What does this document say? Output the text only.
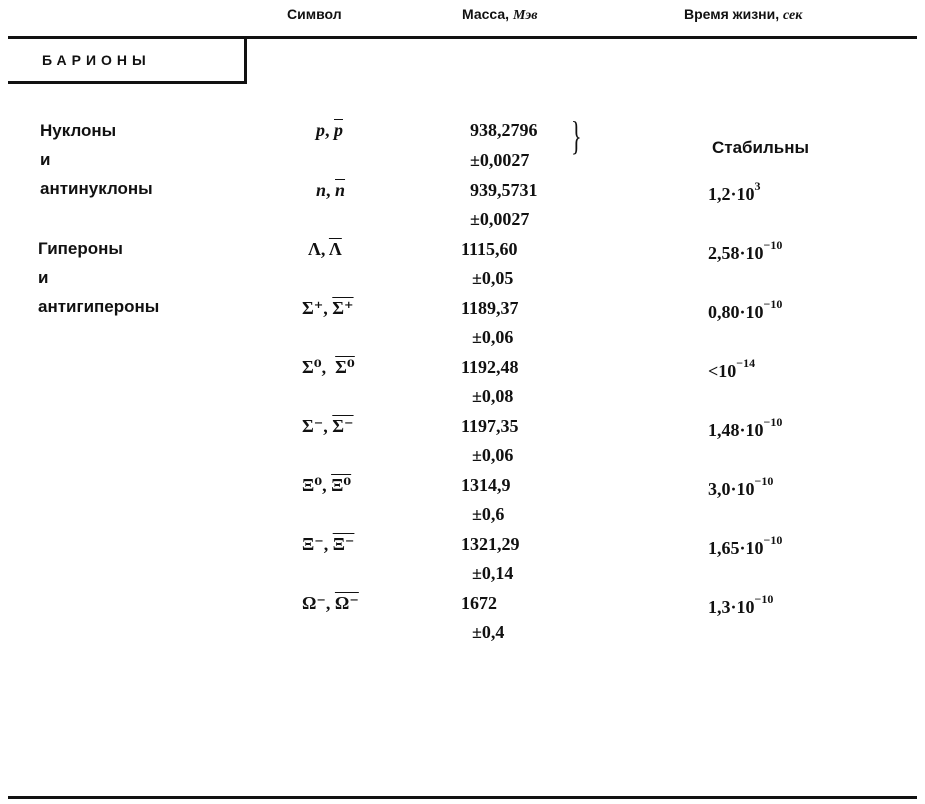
Символ	Масса, Мэв	Время жизни, сек
БАРИОНЫ
Нуклоны
и
антинуклоны
Гипероны
и
антигипероны
p, $\overline{p}$
n, $\overline{n}$
Λ, $\overline{\Lambda}$
Σ⁺, Σ⁺
Σ⁰,  Σ⁰
Σ⁻, Σ⁻
Ξ⁰, Ξ⁰
Ξ⁻, Ξ⁻
Ω⁻, Ω⁻
938,2796
±0,0027
}
939,5731
±0,0027
1115,60
±0,05
1189,37
±0,06
1192,48
±0,08
1197,35
±0,06
1314,9
±0,6
1321,29
±0,14
1672
±0,4
Стабильны
$1,2\cdot 10^3$
$2,58\cdot 10^{-10}$
$0,80\cdot 10^{-10}$
$<10^{-14}$
$1,48\cdot 10^{-10}$
$3,0\cdot 10^{-10}$
$1,65\cdot 10^{-10}$
$1,3\cdot 10^{-10}$
